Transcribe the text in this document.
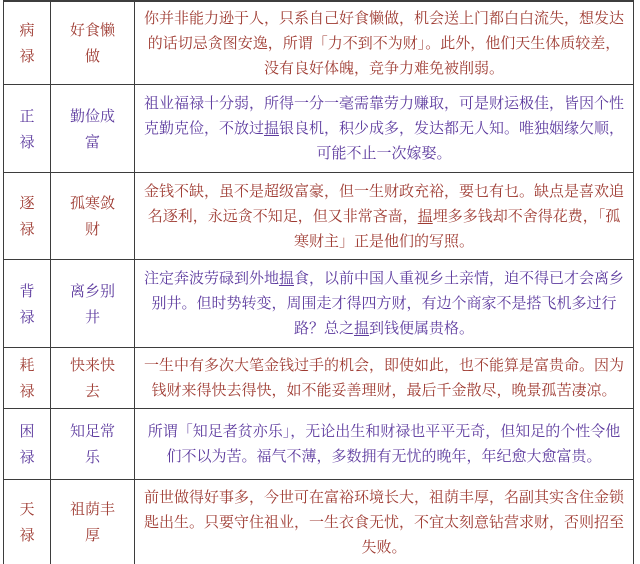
病禄
好食懒做
你并非能力逊于人，只系自己好食懒做，机会送上门都白白流失，想发达的话切忌贪图安逸，所谓「力不到不为财」。此外，他们天生体质较差，没有良好体魄，竞争力难免被削弱。
正禄
勤俭成富
祖业福禄十分弱，所得一分一毫需靠劳力赚取，可是财运极佳，皆因个性克勤克俭，不放过揾银良机，积少成多，发达都无人知。唯独姻缘欠顺，可能不止一次嫁娶。
逐禄
孤寒敛财
金钱不缺，虽不是超级富豪，但一生财政充裕，要乜有乜。缺点是喜欢追名逐利，永远贪不知足，但又非常吝啬，揾埋多多钱却不舍得花费，「孤寒财主」正是他们的写照。
背禄
离乡别井
注定奔波劳碌到外地揾食，以前中国人重视乡土亲情，迫不得已才会离乡别井。但时势转变，周围走才得四方财，有边个商家不是搭飞机多过行路？总之揾到钱便属贵格。
耗禄
快来快去
一生中有多次大笔金钱过手的机会，即使如此，也不能算是富贵命。因为钱财来得快去得快，如不能妥善理财，最后千金散尽，晚景孤苦凄凉。
困禄
知足常乐
所谓「知足者贫亦乐」，无论出生和财禄也平平无奇，但知足的个性令他们不以为苦。福气不薄，多数拥有无忧的晚年，年纪愈大愈富贵。
天禄
祖荫丰厚
前世做得好事多，今世可在富裕环境长大，祖荫丰厚，名副其实含住金锁匙出生。只要守住祖业，一生衣食无忧，不宜太刻意钻营求财，否则招至失败。
